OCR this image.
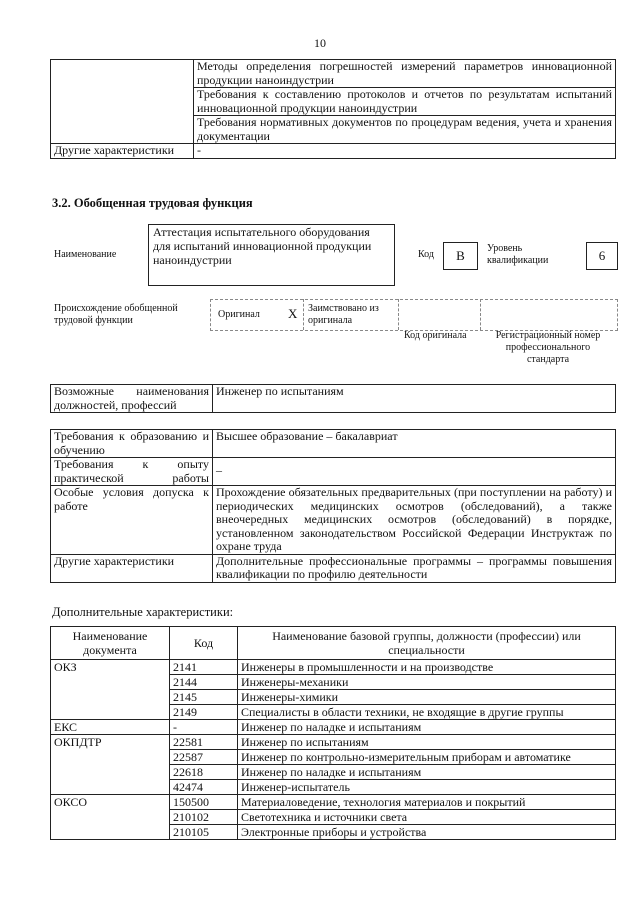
10
	Методы определения погрешностей измерений параметров инновационной продукции наноиндустрии
	Требования к составлению протоколов и отчетов по результатам испытаний инновационной продукции наноиндустрии
	Требования нормативных документов по процедурам ведения, учета и хранения документации
Другие характеристики	-
3.2. Обобщенная трудовая функция
Наименование
Аттестация испытательного оборудования для испытаний инновационной продукции наноиндустрии	Код	B	Уровень квалификации	6
Происхождение обобщенной трудовой функции
Оригинал X Заимствовано из оригинала
Код оригинала	Регистрационный номер профессионального стандарта
Возможные наименования должностей, профессий	Инженер по испытаниям
Требования к образованию и обучению	Высшее образование – бакалавриат
Требования к опыту практической работы	–
Особые условия допуска к работе	Прохождение обязательных предварительных (при поступлении на работу) и периодических медицинских осмотров (обследований), а также внеочередных медицинских осмотров (обследований) в порядке, установленном законодательством Российской Федерации Инструктаж по охране труда
Другие характеристики	Дополнительные профессиональные программы – программы повышения квалификации по профилю деятельности
Дополнительные характеристики:
Наименование документа	Код	Наименование базовой группы, должности (профессии) или специальности
ОКЗ	2141	Инженеры в промышленности и на производстве
	2144	Инженеры-механики
	2145	Инженеры-химики
	2149	Специалисты в области техники, не входящие в другие группы
ЕКС	-	Инженер по наладке и испытаниям
ОКПДТР	22581	Инженер по испытаниям
	22587	Инженер по контрольно-измерительным приборам и автоматике
	22618	Инженер по наладке и испытаниям
	42474	Инженер-испытатель
ОКСО	150500	Материаловедение, технология материалов и покрытий
	210102	Светотехника и источники света
	210105	Электронные приборы и устройства
